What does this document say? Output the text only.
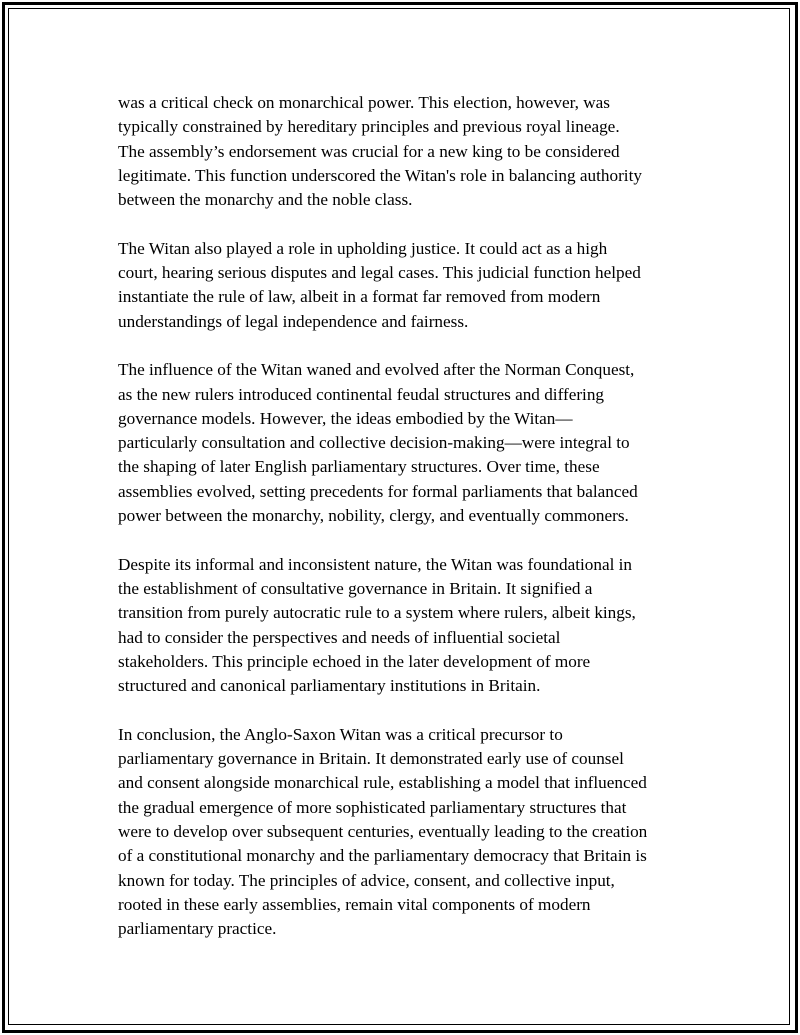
was a critical check on monarchical power. This election, however, was
typically constrained by hereditary principles and previous royal lineage.
The assembly’s endorsement was crucial for a new king to be considered
legitimate. This function underscored the Witan's role in balancing authority
between the monarchy and the noble class.

The Witan also played a role in upholding justice. It could act as a high
court, hearing serious disputes and legal cases. This judicial function helped
instantiate the rule of law, albeit in a format far removed from modern
understandings of legal independence and fairness.

The influence of the Witan waned and evolved after the Norman Conquest,
as the new rulers introduced continental feudal structures and differing
governance models. However, the ideas embodied by the Witan—
particularly consultation and collective decision-making—were integral to
the shaping of later English parliamentary structures. Over time, these
assemblies evolved, setting precedents for formal parliaments that balanced
power between the monarchy, nobility, clergy, and eventually commoners.

Despite its informal and inconsistent nature, the Witan was foundational in
the establishment of consultative governance in Britain. It signified a
transition from purely autocratic rule to a system where rulers, albeit kings,
had to consider the perspectives and needs of influential societal
stakeholders. This principle echoed in the later development of more
structured and canonical parliamentary institutions in Britain.

In conclusion, the Anglo-Saxon Witan was a critical precursor to
parliamentary governance in Britain. It demonstrated early use of counsel
and consent alongside monarchical rule, establishing a model that influenced
the gradual emergence of more sophisticated parliamentary structures that
were to develop over subsequent centuries, eventually leading to the creation
of a constitutional monarchy and the parliamentary democracy that Britain is
known for today. The principles of advice, consent, and collective input,
rooted in these early assemblies, remain vital components of modern
parliamentary practice.
